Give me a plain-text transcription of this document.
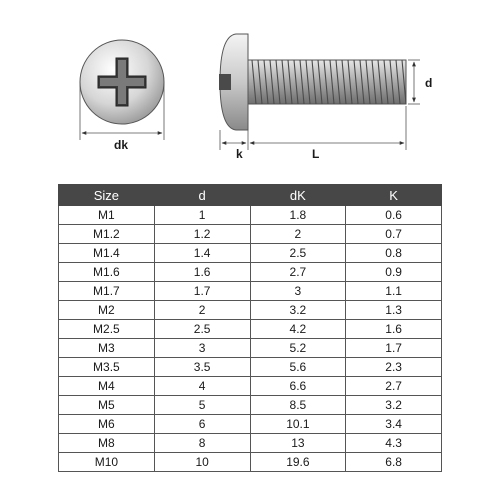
dk
d
k	L
Size	d	dK	K
M1	1	1.8	0.6
M1.2	1.2	2	0.7
M1.4	1.4	2.5	0.8
M1.6	1.6	2.7	0.9
M1.7	1.7	3	1.1
M2	2	3.2	1.3
M2.5	2.5	4.2	1.6
M3	3	5.2	1.7
M3.5	3.5	5.6	2.3
M4	4	6.6	2.7
M5	5	8.5	3.2
M6	6	10.1	3.4
M8	8	13	4.3
M10	10	19.6	6.8
